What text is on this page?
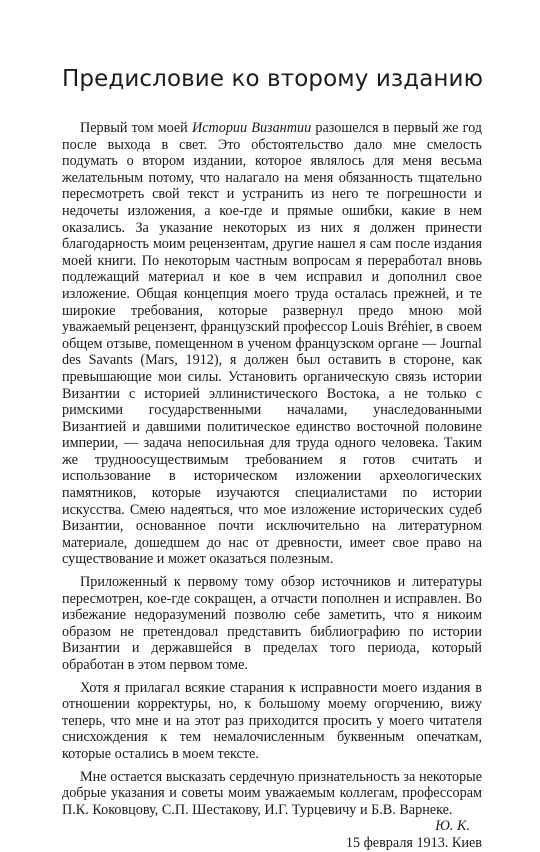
Предисловие ко второму изданию

Первый том моей Истории Византии разошелся в первый же год после выхода в свет. Это обстоятельство дало мне смелость подумать о втором издании, которое являлось для меня весьма желательным потому, что налагало на меня обязанность тщательно пересмотреть свой текст и устранить из него те погрешности и недочеты изложения, а кое-где и прямые ошибки, какие в нем оказались. За указание некоторых из них я должен принести благодарность моим рецензентам, другие нашел я сам после издания моей книги. По некоторым частным вопросам я переработал вновь подлежащий материал и кое в чем исправил и дополнил свое изложение. Общая концепция моего труда осталась прежней, и те широкие требования, которые развернул предо мною мой уважаемый рецензент, французский профессор Louis Bréhier, в своем общем отзыве, помещенном в ученом французском органе — Journal des Savants (Mars, 1912), я должен был оставить в стороне, как превышающие мои силы. Установить органическую связь истории Византии с историей эллинистического Востока, а не только с римскими государственными началами, унаследованными Византией и давшими политическое единство восточной половине империи, — задача непосильная для труда одного человека. Таким же трудноосуществимым требованием я готов считать и использование в историческом изложении археологических памятников, которые изучаются специалистами по истории искусства. Смею надеяться, что мое изложение исторических судеб Византии, основанное почти исключительно на литературном материале, дошедшем до нас от древности, имеет свое право на существование и может оказаться полезным.

Приложенный к первому тому обзор источников и литературы пересмотрен, кое-где сокращен, а отчасти пополнен и исправлен. Во избежание недоразумений позволю себе заметить, что я никоим образом не претендовал представить библиографию по истории Византии и державшейся в пределах того периода, который обработан в этом первом томе.

Хотя я прилагал всякие старания к исправности моего издания в отношении корректуры, но, к большому моему огорчению, вижу теперь, что мне и на этот раз приходится просить у моего читателя снисхождения к тем немалочисленным буквенным опечаткам, которые остались в моем тексте.

Мне остается высказать сердечную признательность за некоторые добрые указания и советы моим уважаемым коллегам, профессорам П.К. Коковцову, С.П. Шестакову, И.Г. Турцевичу и Б.В. Варнеке.

Ю. К.
15 февраля 1913. Киев
